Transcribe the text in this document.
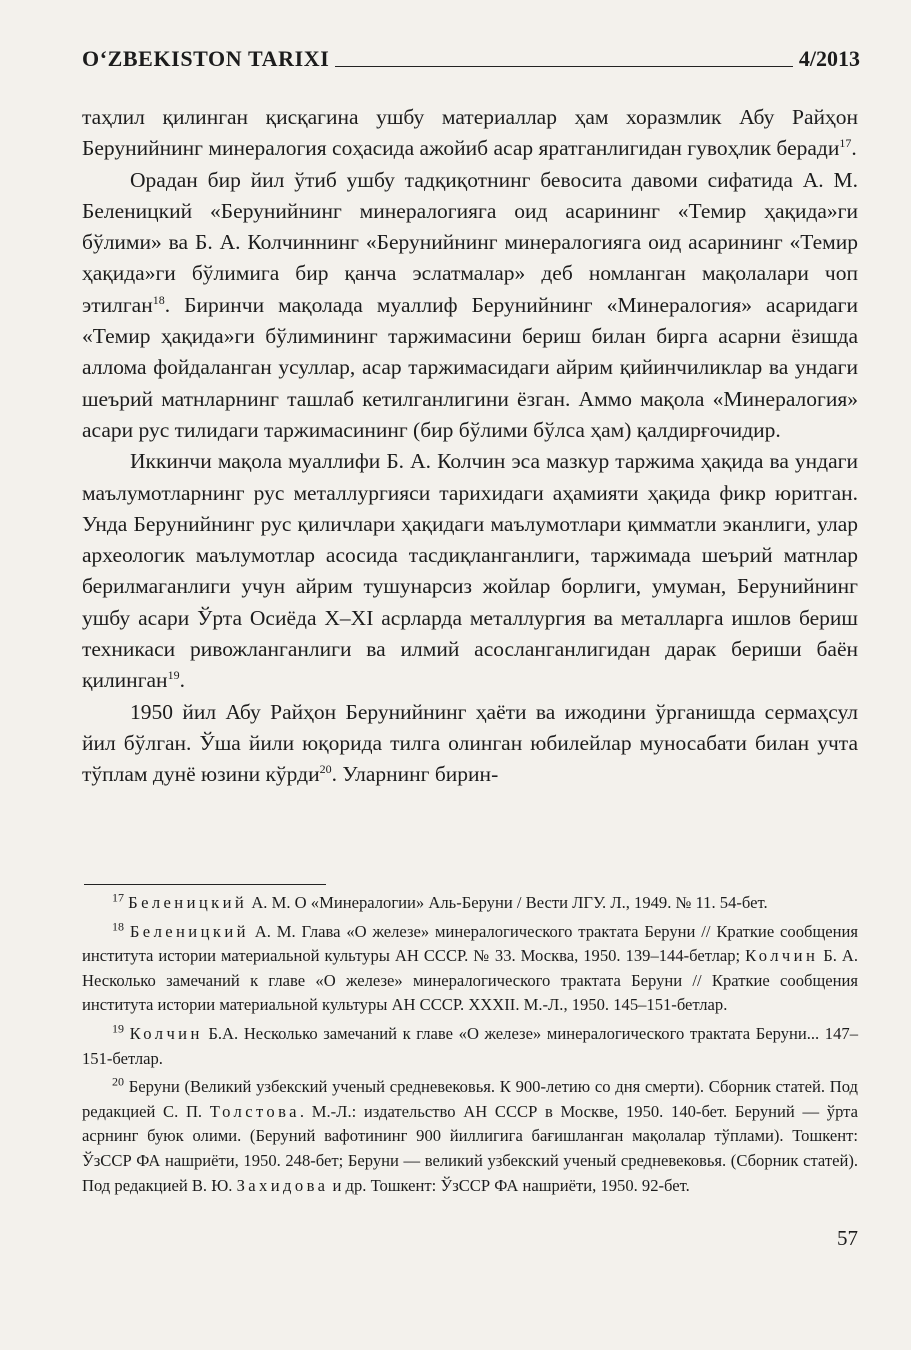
O‘ZBEKISTON TARIXI	4/2013

таҳлил қилинган қисқагина ушбу материаллар ҳам хоразмлик Абу Райҳон Берунийнинг минералогия соҳасида ажойиб асар яратганлигидан гувоҳлик беради$^{17}$.

Орадан бир йил ўтиб ушбу тадқиқотнинг бевосита давоми сифатида А. М. Беленицкий «Берунийнинг минералогияга оид асарининг «Темир ҳақида»ги бўлими» ва Б. А. Колчиннинг «Берунийнинг минералогияга оид асарининг «Темир ҳақида»ги бўлимига бир қанча эслатмалар» деб номланган мақолалари чоп этилган$^{18}$. Биринчи мақолада муаллиф Берунийнинг «Минералогия» асаридаги «Темир ҳақида»ги бўлимининг таржимасини бериш билан бирга асарни ёзишда аллома фойдаланган усуллар, асар таржимасидаги айрим қийинчиликлар ва ундаги шеърий матнларнинг ташлаб кетилганлигини ёзган. Аммо мақола «Минералогия» асари рус тилидаги таржимасининг (бир бўлими бўлса ҳам) қалдирғочидир.

Иккинчи мақола муаллифи Б. А. Колчин эса мазкур таржима ҳақида ва ундаги маълумотларнинг рус металлургияси тарихидаги аҳамияти ҳақида фикр юритган. Унда Берунийнинг рус қиличлари ҳақидаги маълумотлари қимматли эканлиги, улар археологик маълумотлар асосида тасдиқланганлиги, таржимада шеърий матнлар берилмаганлиги учун айрим тушунарсиз жойлар борлиги, умуман, Берунийнинг ушбу асари Ўрта Осиёда X–XI асрларда металлургия ва металларга ишлов бериш техникаси ривожланганлиги ва илмий асосланганлигидан дарак бериши баён қилинган$^{19}$.

1950 йил Абу Райҳон Берунийнинг ҳаёти ва ижодини ўрганишда сермаҳсул йил бўлган. Ўша йили юқорида тилга олинган юбилейлар муносабати билан учта тўплам дунё юзини кўрди$^{20}$. Уларнинг бирин-

$^{17}$ Беленицкий А. М. О «Минералогии» Аль-Беруни / Вести ЛГУ. Л., 1949. № 11. 54-бет.

$^{18}$ Беленицкий А. М. Глава «О железе» минералогического трактата Беруни // Краткие сообщения института истории материальной культуры АН СССР. № 33. Москва, 1950. 139–144-бетлар; Колчин Б. А. Несколько замечаний к главе «О железе» минералогического трактата Беруни // Краткие сообщения института истории материальной культуры АН СССР. XXXII. М.-Л., 1950. 145–151-бетлар.

$^{19}$ Колчин Б.А. Несколько замечаний к главе «О железе» минералогического трактата Беруни... 147–151-бетлар.

$^{20}$ Беруни (Великий узбекский ученый средневековья. К 900-летию со дня смерти). Сборник статей. Под редакцией С. П. Толстова. М.-Л.: издательство АН СССР в Москве, 1950. 140-бет. Беруний — ўрта асрнинг буюк олими. (Беруний вафотининг 900 йиллигига бағишланган мақолалар тўплами). Тошкент: ЎзССР ФА нашриёти, 1950. 248-бет; Беруни — великий узбекский ученый средневековья. (Сборник статей). Под редакцией В. Ю. Захидова и др. Тошкент: ЎзССР ФА нашриёти, 1950. 92-бет.

57
